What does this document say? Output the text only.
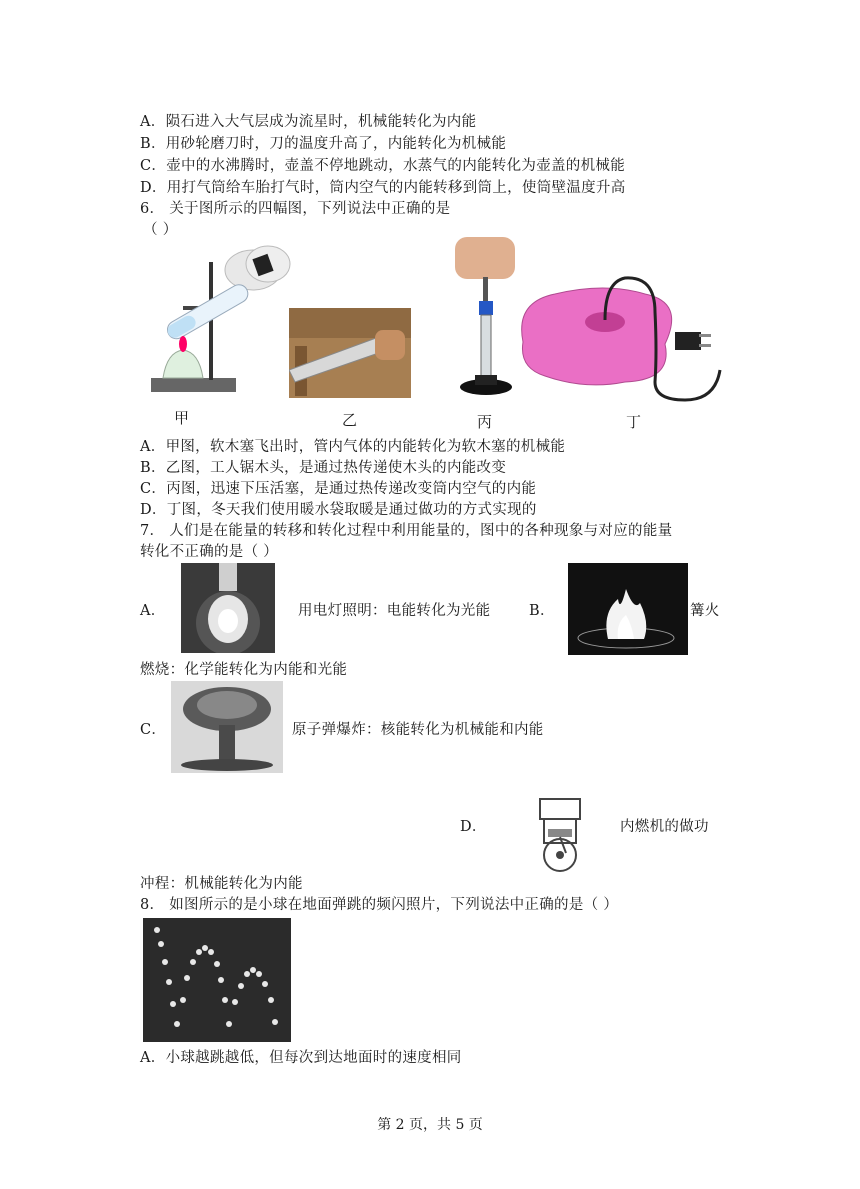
A．陨石进入大气层成为流星时，机械能转化为内能
B．用砂轮磨刀时，刀的温度升高了，内能转化为机械能
C．壶中的水沸腾时，壶盖不停地跳动，水蒸气的内能转化为壶盖的机械能
D．用打气筒给车胎打气时，筒内空气的内能转移到筒上，使筒壁温度升高
6． 关于图所示的四幅图，下列说法中正确的是
（ ）
甲	乙	丙	丁
A．甲图，软木塞飞出时，管内气体的内能转化为软木塞的机械能
B．乙图，工人锯木头，是通过热传递使木头的内能改变
C．丙图，迅速下压活塞，是通过热传递改变筒内空气的内能
D．丁图，冬天我们使用暖水袋取暖是通过做功的方式实现的
7． 人们是在能量的转移和转化过程中利用能量的，图中的各种现象与对应的能量
转化不正确的是（ ）
A．	用电灯照明：电能转化为光能	B．	篝火
燃烧：化学能转化为内能和光能
C．	原子弹爆炸：核能转化为机械能和内能
D．	内燃机的做功
冲程：机械能转化为内能
8． 如图所示的是小球在地面弹跳的频闪照片，下列说法中正确的是（ ）
A．小球越跳越低，但每次到达地面时的速度相同
第 2 页，共 5 页
